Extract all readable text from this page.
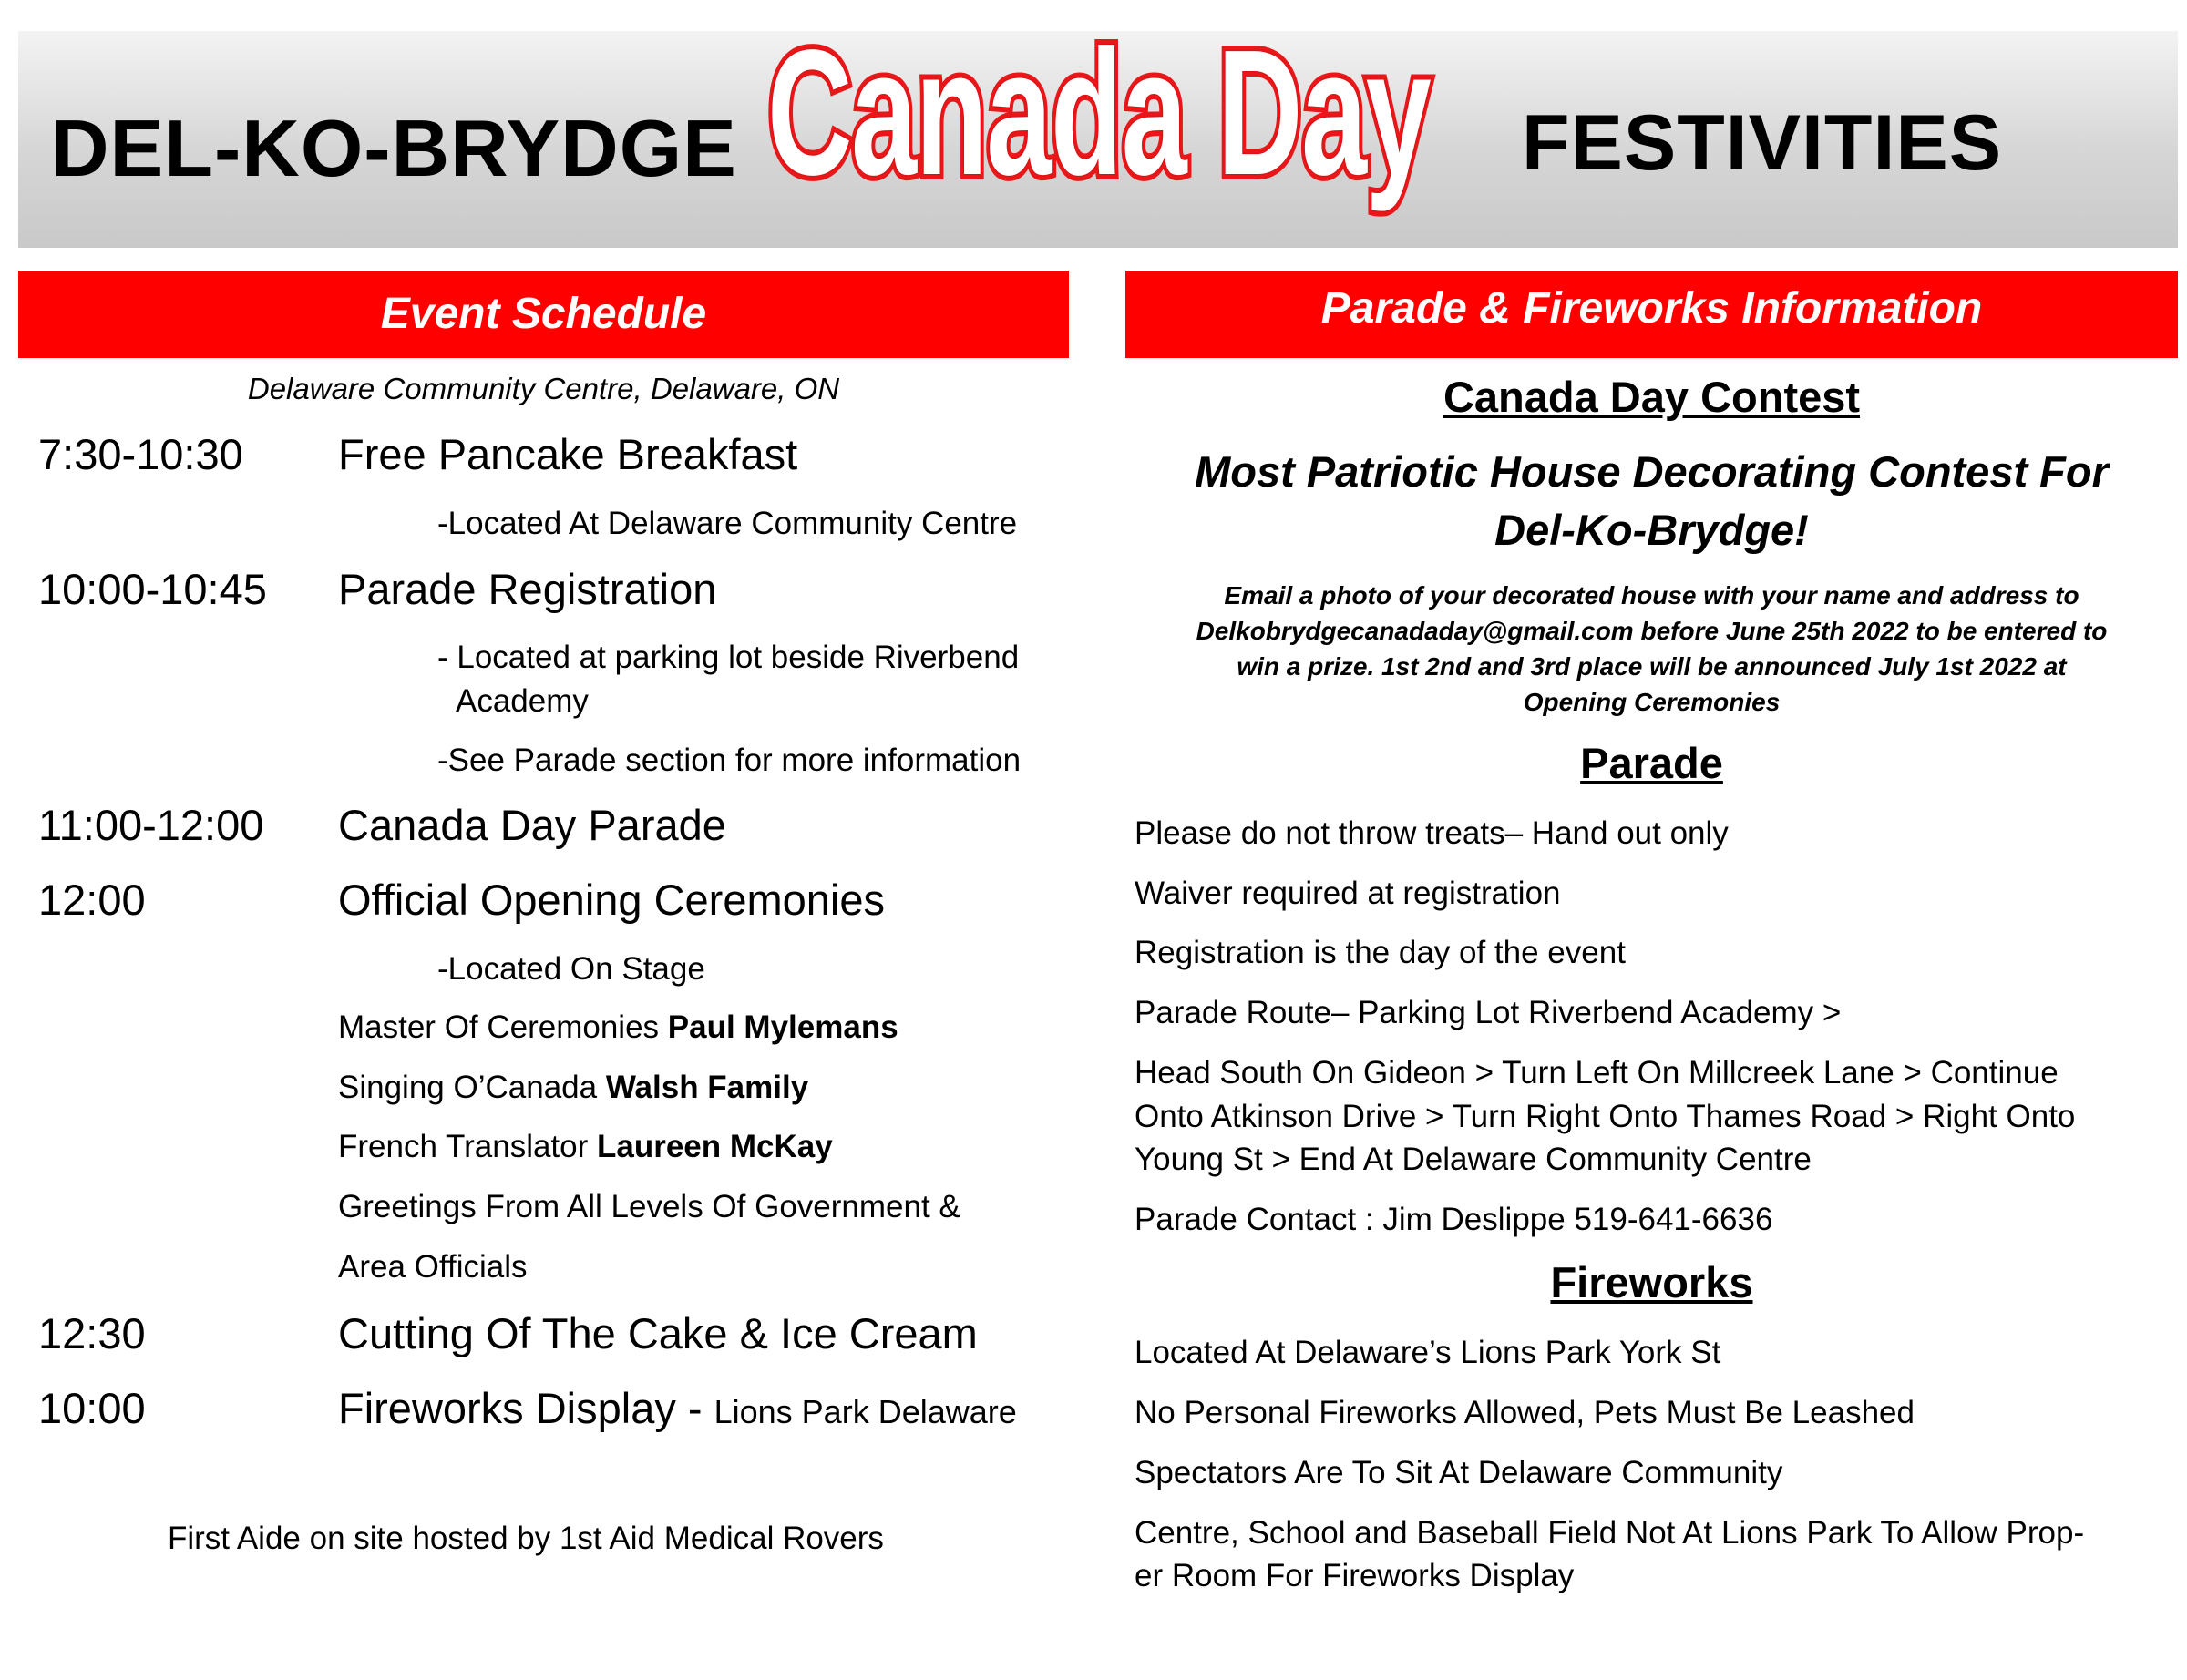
DEL-KO-BRYDGE Canada Day FESTIVITIES
Event Schedule	Parade & Fireworks Information
Delaware Community Centre, Delaware, ON
7:30-10:30 Free Pancake Breakfast
-Located At Delaware Community Centre
10:00-10:45 Parade Registration
- Located at parking lot beside Riverbend
Academy
-See Parade section for more information
11:00-12:00 Canada Day Parade
12:00	Official Opening Ceremonies
-Located On Stage
Master Of Ceremonies Paul Mylemans
Singing O’Canada Walsh Family
French Translator Laureen McKay
Greetings From All Levels Of Government &
Area Officials
12:30	Cutting Of The Cake & Ice Cream
10:00	Fireworks Display - Lions Park Delaware
First Aide on site hosted by 1st Aid Medical Rovers
Canada Day Contest
Most Patriotic House Decorating Contest For
Del-Ko-Brydge!
Email a photo of your decorated house with your name and address to
Delkobrydgecanadaday@gmail.com before June 25th 2022 to be entered to
win a prize. 1st 2nd and 3rd place will be announced July 1st 2022 at
Opening Ceremonies
Parade
Please do not throw treats– Hand out only
Waiver required at registration
Registration is the day of the event
Parade Route– Parking Lot Riverbend Academy >
Head South On Gideon > Turn Left On Millcreek Lane > Continue
Onto Atkinson Drive > Turn Right Onto Thames Road > Right Onto
Young St > End At Delaware Community Centre
Parade Contact : Jim Deslippe 519-641-6636
Fireworks
Located At Delaware’s Lions Park York St
No Personal Fireworks Allowed, Pets Must Be Leashed
Spectators Are To Sit At Delaware Community
Centre, School and Baseball Field Not At Lions Park To Allow Prop-
er Room For Fireworks Display
